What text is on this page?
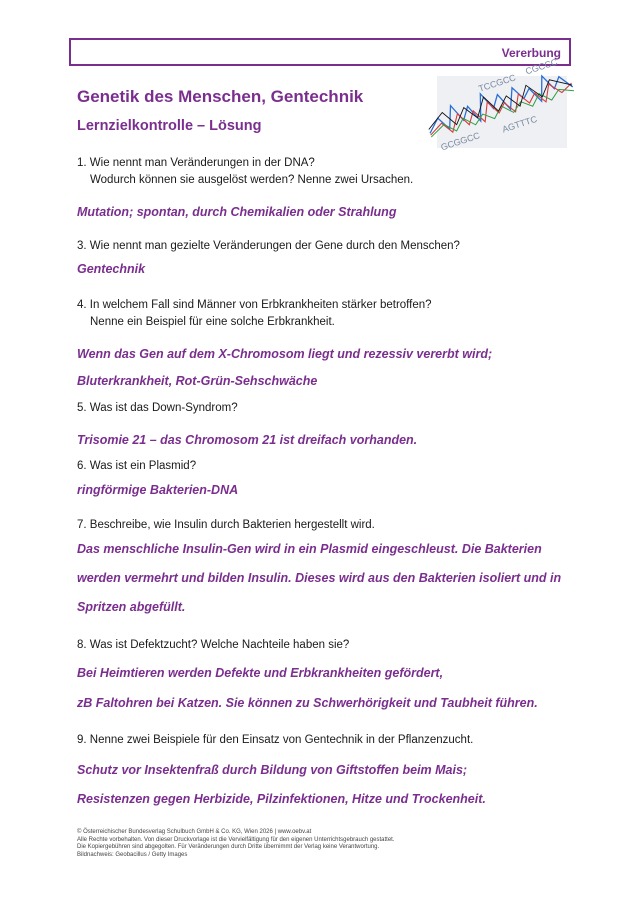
Vererbung
Genetik des Menschen, Gentechnik
Lernzielkontrolle – Lösung
GCGGCC
TCCGCC
AGTTTC
CGCCC
1. Wie nennt man Veränderungen in der DNA?
Wodurch können sie ausgelöst werden? Nenne zwei Ursachen.
Mutation; spontan, durch Chemikalien oder Strahlung
3. Wie nennt man gezielte Veränderungen der Gene durch den Menschen?
Gentechnik
4. In welchem Fall sind Männer von Erbkrankheiten stärker betroffen?
Nenne ein Beispiel für eine solche Erbkrankheit.
Wenn das Gen auf dem X-Chromosom liegt und rezessiv vererbt wird;
Bluterkrankheit, Rot-Grün-Sehschwäche
5. Was ist das Down-Syndrom?
Trisomie 21 – das Chromosom 21 ist dreifach vorhanden.
6. Was ist ein Plasmid?
ringförmige Bakterien-DNA
7. Beschreibe, wie Insulin durch Bakterien hergestellt wird.
Das menschliche Insulin-Gen wird in ein Plasmid eingeschleust. Die Bakterien
werden vermehrt und bilden Insulin. Dieses wird aus den Bakterien isoliert und in
Spritzen abgefüllt.
8. Was ist Defektzucht? Welche Nachteile haben sie?
Bei Heimtieren werden Defekte und Erbkrankheiten gefördert,
zB Faltohren bei Katzen. Sie können zu Schwerhörigkeit und Taubheit führen.
9. Nenne zwei Beispiele für den Einsatz von Gentechnik in der Pflanzenzucht.
Schutz vor Insektenfraß durch Bildung von Giftstoffen beim Mais;
Resistenzen gegen Herbizide, Pilzinfektionen, Hitze und Trockenheit.
© Österreichischer Bundesverlag Schulbuch GmbH & Co. KG, Wien 2026 | www.oebv.at
Alle Rechte vorbehalten. Von dieser Druckvorlage ist die Vervielfältigung für den eigenen Unterrichtsgebrauch gestattet.
Die Kopiergebühren sind abgegolten. Für Veränderungen durch Dritte übernimmt der Verlag keine Verantwortung.
Bildnachweis: Geobacillus / Getty Images
